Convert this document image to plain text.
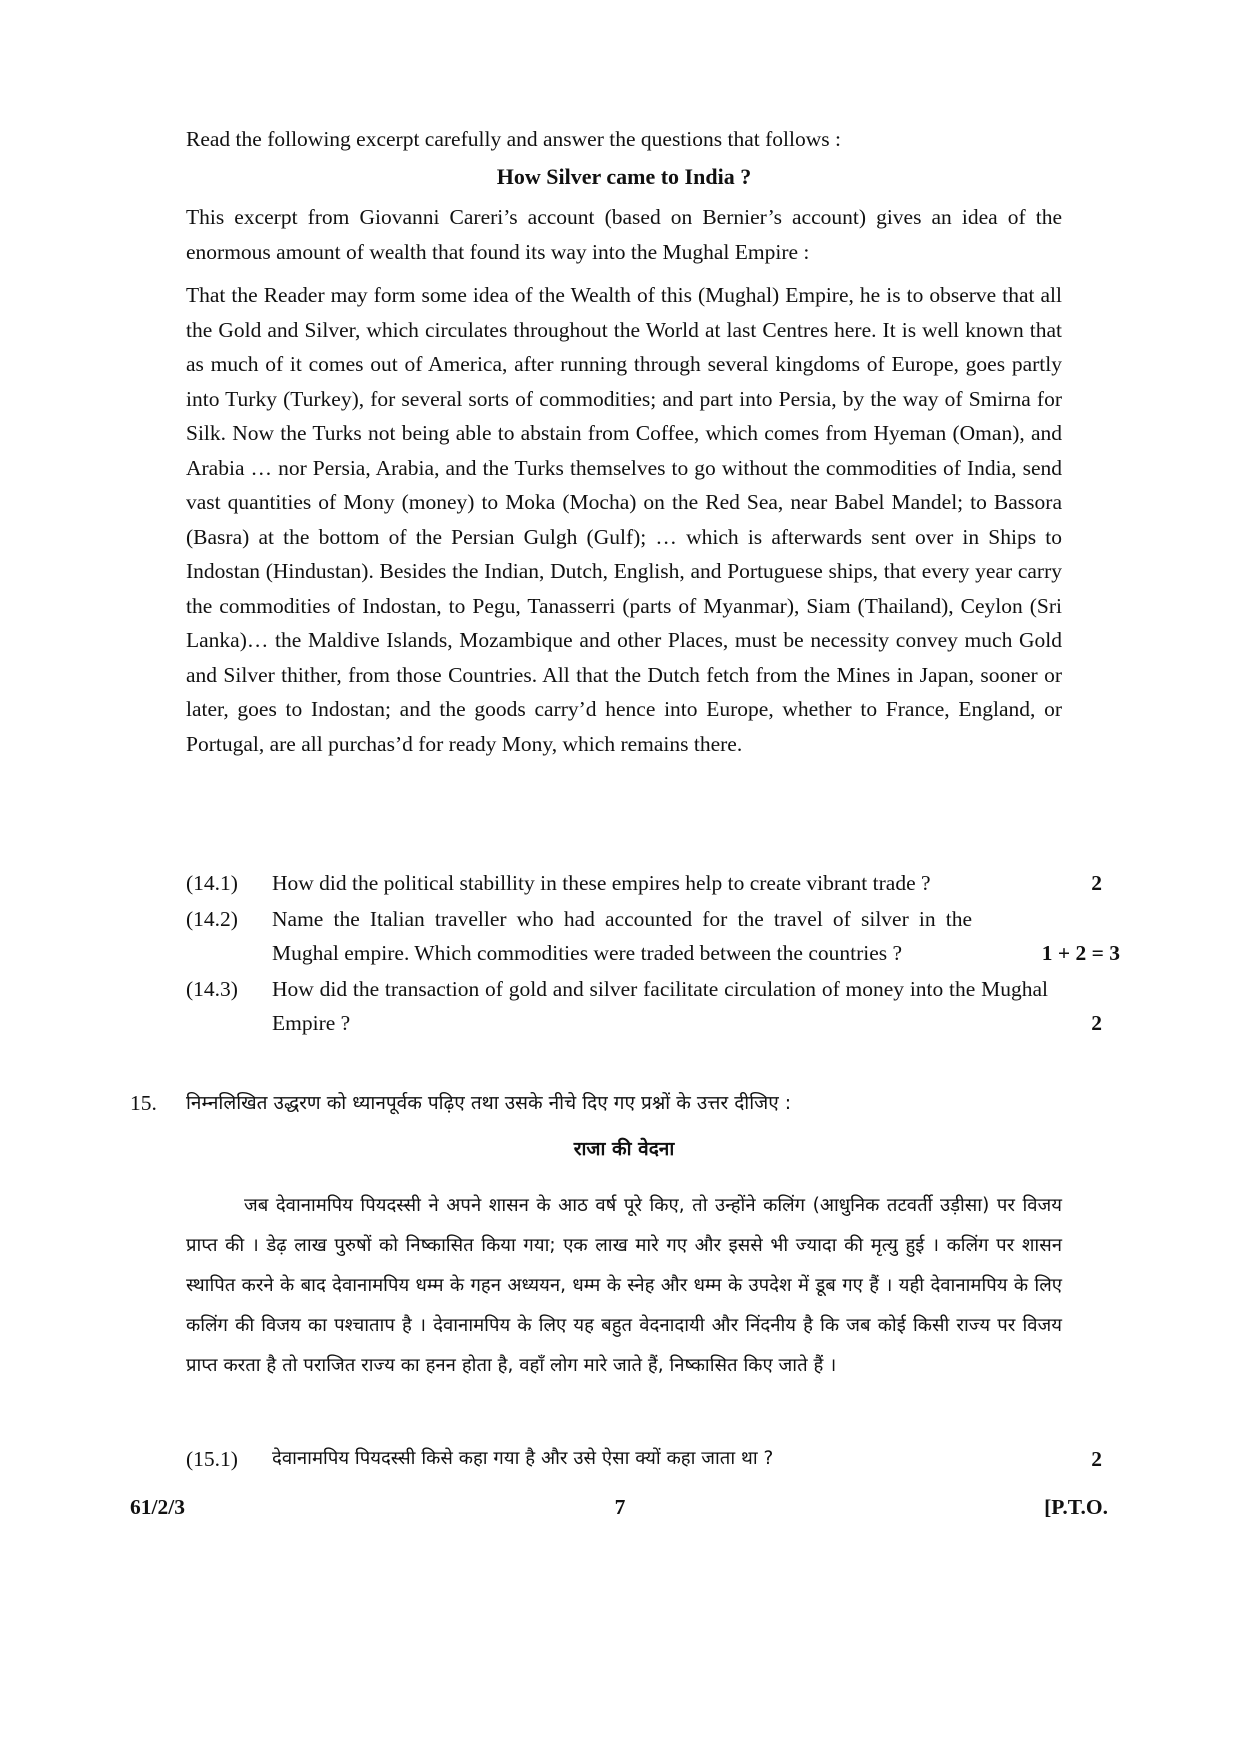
Read the following excerpt carefully and answer the questions that follows :
How Silver came to India ?
This excerpt from Giovanni Careri’s account (based on Bernier’s account) gives an idea of the enormous amount of wealth that found its way into the Mughal Empire :
That the Reader may form some idea of the Wealth of this (Mughal) Empire, he is to observe that all the Gold and Silver, which circulates throughout the World at last Centres here. It is well known that as much of it comes out of America, after running through several kingdoms of Europe, goes partly into Turky (Turkey), for several sorts of commodities; and part into Persia, by the way of Smirna for Silk. Now the Turks not being able to abstain from Coffee, which comes from Hyeman (Oman), and Arabia … nor Persia, Arabia, and the Turks themselves to go without the commodities of India, send vast quantities of Mony (money) to Moka (Mocha) on the Red Sea, near Babel Mandel; to Bassora (Basra) at the bottom of the Persian Gulgh (Gulf); … which is afterwards sent over in Ships to Indostan (Hindustan). Besides the Indian, Dutch, English, and Portuguese ships, that every year carry the commodities of Indostan, to Pegu, Tanasserri (parts of Myanmar), Siam (Thailand), Ceylon (Sri Lanka)… the Maldive Islands, Mozambique and other Places, must be necessity convey much Gold and Silver thither, from those Countries. All that the Dutch fetch from the Mines in Japan, sooner or later, goes to Indostan; and the goods carry’d hence into Europe, whether to France, England, or Portugal, are all purchas’d for ready Mony, which remains there.
(14.1) How did the political stabillity in these empires help to create vibrant trade ?	2
(14.2) Name the Italian traveller who had accounted for the travel of silver in the Mughal empire. Which commodities were traded between the countries ?	1 + 2 = 3
(14.3) How did the transaction of gold and silver facilitate circulation of money into the Mughal Empire ?	2
15. निम्नलिखित उद्धरण को ध्यानपूर्वक पढ़िए तथा उसके नीचे दिए गए प्रश्नों के उत्तर दीजिए :
राजा की वेदना
जब देवानामपिय पियदस्सी ने अपने शासन के आठ वर्ष पूरे किए, तो उन्होंने कलिंग (आधुनिक तटवर्ती उड़ीसा) पर विजय प्राप्त की । डेढ़ लाख पुरुषों को निष्कासित किया गया; एक लाख मारे गए और इससे भी ज्यादा की मृत्यु हुई । कलिंग पर शासन स्थापित करने के बाद देवानामपिय धम्म के गहन अध्ययन, धम्म के स्नेह और धम्म के उपदेश में डूब गए हैं । यही देवानामपिय के लिए कलिंग की विजय का पश्चाताप है । देवानामपिय के लिए यह बहुत वेदनादायी और निंदनीय है कि जब कोई किसी राज्य पर विजय प्राप्त करता है तो पराजित राज्य का हनन होता है, वहाँ लोग मारे जाते हैं, निष्कासित किए जाते हैं ।
(15.1) देवानामपिय पियदस्सी किसे कहा गया है और उसे ऐसा क्यों कहा जाता था ?	2
61/2/3	7	[P.T.O.
